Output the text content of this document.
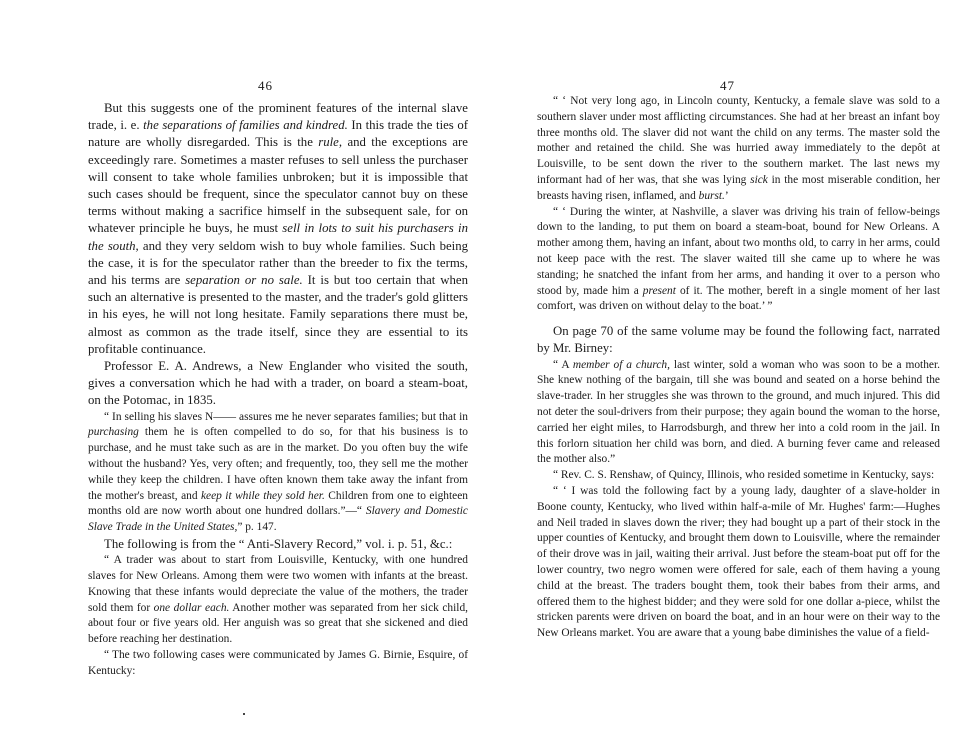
46

But this suggests one of the prominent features of the internal slave trade, i. e. the separations of families and kindred. In this trade the ties of nature are wholly disregarded. This is the rule, and the exceptions are exceedingly rare. Sometimes a master refuses to sell unless the purchaser will consent to take whole families unbroken; but it is impossible that such cases should be frequent, since the speculator cannot buy on these terms without making a sacrifice himself in the subsequent sale, for on whatever principle he buys, he must sell in lots to suit his purchasers in the south, and they very seldom wish to buy whole families. Such being the case, it is for the speculator rather than the breeder to fix the terms, and his terms are separation or no sale. It is but too certain that when such an alternative is presented to the master, and the trader's gold glitters in his eyes, he will not long hesitate. Family separations there must be, almost as common as the trade itself, since they are essential to its profitable continuance.

Professor E. A. Andrews, a New Englander who visited the south, gives a conversation which he had with a trader, on board a steam-boat, on the Potomac, in 1835.

“ In selling his slaves N—— assures me he never separates families; but that in purchasing them he is often compelled to do so, for that his business is to purchase, and he must take such as are in the market. Do you often buy the wife without the husband? Yes, very often; and frequently, too, they sell me the mother while they keep the children. I have often known them take away the infant from the mother's breast, and keep it while they sold her. Children from one to eighteen months old are now worth about one hundred dollars.”—“ Slavery and Domestic Slave Trade in the United States,” p. 147.

The following is from the “ Anti-Slavery Record,” vol. i. p. 51, &c.:

“ A trader was about to start from Louisville, Kentucky, with one hundred slaves for New Orleans. Among them were two women with infants at the breast. Knowing that these infants would depreciate the value of the mothers, the trader sold them for one dollar each. Another mother was separated from her sick child, about four or five years old. Her anguish was so great that she sickened and died before reaching her destination.

“ The two following cases were communicated by James G. Birnie, Esquire, of Kentucky:

47

“ ‘ Not very long ago, in Lincoln county, Kentucky, a female slave was sold to a southern slaver under most afflicting circumstances. She had at her breast an infant boy three months old. The slaver did not want the child on any terms. The master sold the mother and retained the child. She was hurried away immediately to the depôt at Louisville, to be sent down the river to the southern market. The last news my informant had of her was, that she was lying sick in the most miserable condition, her breasts having risen, inflamed, and burst.’

“ ‘ During the winter, at Nashville, a slaver was driving his train of fellow-beings down to the landing, to put them on board a steam-boat, bound for New Orleans. A mother among them, having an infant, about two months old, to carry in her arms, could not keep pace with the rest. The slaver waited till she came up to where he was standing; he snatched the infant from her arms, and handing it over to a person who stood by, made him a present of it. The mother, bereft in a single moment of her last comfort, was driven on without delay to the boat.’ ”

On page 70 of the same volume may be found the following fact, narrated by Mr. Birney:

“ A member of a church, last winter, sold a woman who was soon to be a mother. She knew nothing of the bargain, till she was bound and seated on a horse behind the slave-trader. In her struggles she was thrown to the ground, and much injured. This did not deter the soul-drivers from their purpose; they again bound the woman to the horse, carried her eight miles, to Harrodsburgh, and threw her into a cold room in the jail. In this forlorn situation her child was born, and died. A burning fever came and released the mother also.”

“ Rev. C. S. Renshaw, of Quincy, Illinois, who resided sometime in Kentucky, says:

“ ‘ I was told the following fact by a young lady, daughter of a slave-holder in Boone county, Kentucky, who lived within half-a-mile of Mr. Hughes' farm:—Hughes and Neil traded in slaves down the river; they had bought up a part of their stock in the upper counties of Kentucky, and brought them down to Louisville, where the remainder of their drove was in jail, waiting their arrival. Just before the steam-boat put off for the lower country, two negro women were offered for sale, each of them having a young child at the breast. The traders bought them, took their babes from their arms, and offered them to the highest bidder; and they were sold for one dollar a-piece, whilst the stricken parents were driven on board the boat, and in an hour were on their way to the New Orleans market. You are aware that a young babe diminishes the value of a field-
